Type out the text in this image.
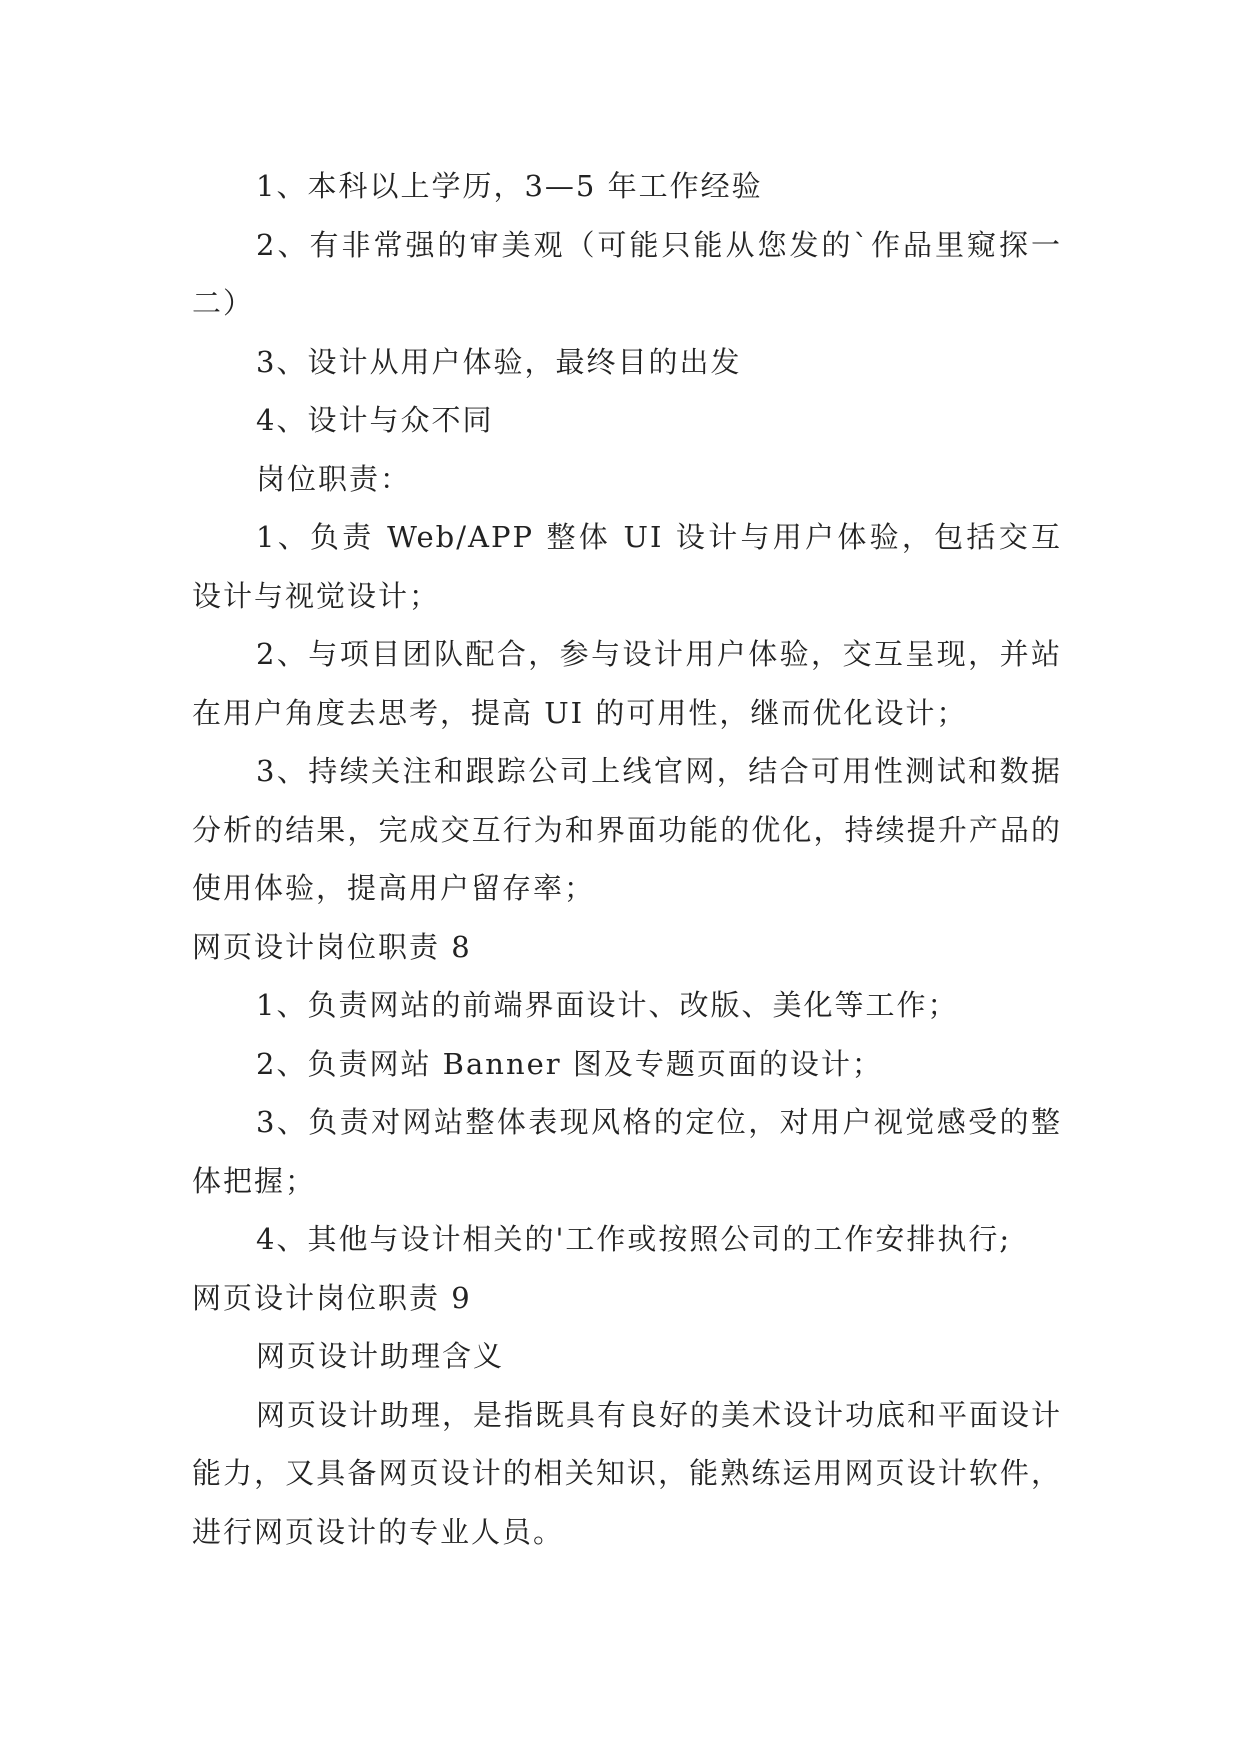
1、本科以上学历，3—5 年工作经验

2、有非常强的审美观（可能只能从您发的`作品里窥探一二）

3、设计从用户体验，最终目的出发

4、设计与众不同

岗位职责：

1、负责 Web/APP 整体 UI 设计与用户体验，包括交互设计与视觉设计；

2、与项目团队配合，参与设计用户体验，交互呈现，并站在用户角度去思考，提高 UI 的可用性，继而优化设计；

3、持续关注和跟踪公司上线官网，结合可用性测试和数据分析的结果，完成交互行为和界面功能的优化，持续提升产品的使用体验，提高用户留存率；

网页设计岗位职责 8

1、负责网站的前端界面设计、改版、美化等工作；

2、负责网站 Banner 图及专题页面的设计；

3、负责对网站整体表现风格的定位，对用户视觉感受的整体把握；

4、其他与设计相关的'工作或按照公司的工作安排执行;

网页设计岗位职责 9

网页设计助理含义

网页设计助理，是指既具有良好的美术设计功底和平面设计能力，又具备网页设计的相关知识，能熟练运用网页设计软件，进行网页设计的专业人员。
